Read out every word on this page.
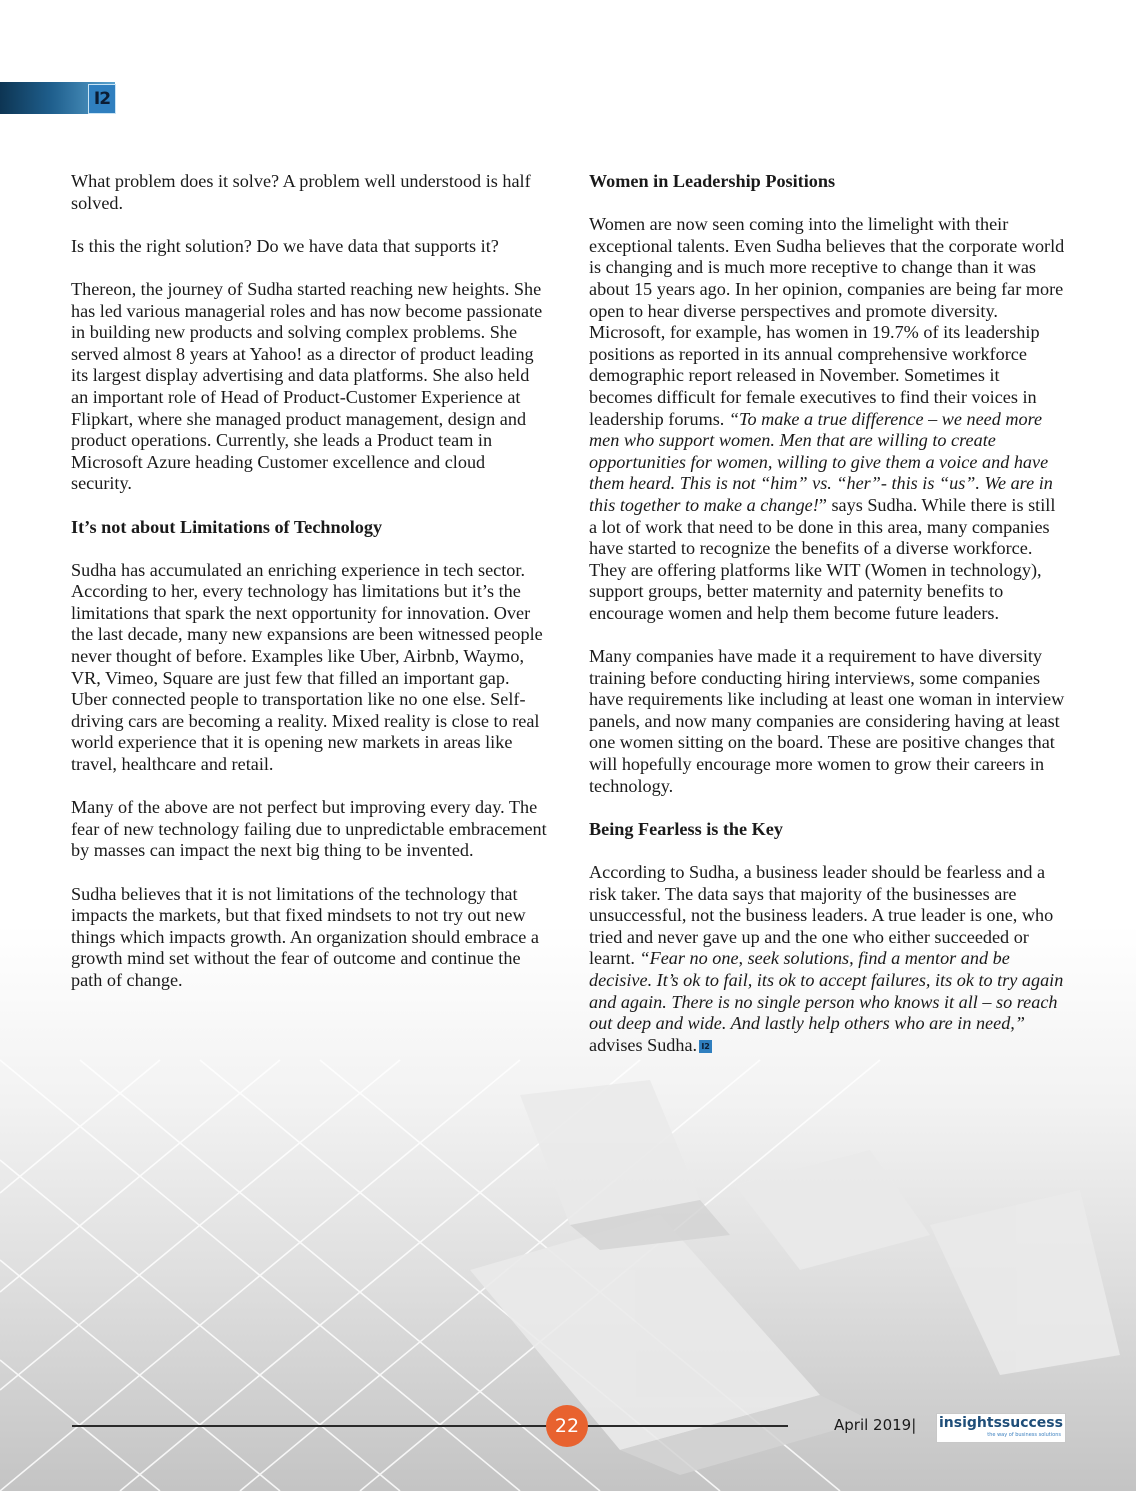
I2

What problem does it solve? A problem well understood is half solved.

Is this the right solution? Do we have data that supports it?

Thereon, the journey of Sudha started reaching new heights. She has led various managerial roles and has now become passionate in building new products and solving complex problems. She served almost 8 years at Yahoo! as a director of product leading its largest display advertising and data platforms. She also held an important role of Head of Product-Customer Experience at Flipkart, where she managed product management, design and product operations. Currently, she leads a Product team in Microsoft Azure heading Customer excellence and cloud security.

It’s not about Limitations of Technology

Sudha has accumulated an enriching experience in tech sector. According to her, every technology has limitations but it’s the limitations that spark the next opportunity for innovation. Over the last decade, many new expansions are been witnessed people never thought of before. Examples like Uber, Airbnb, Waymo, VR, Vimeo, Square are just few that filled an important gap. Uber connected people to transportation like no one else. Self-driving cars are becoming a reality. Mixed reality is close to real world experience that it is opening new markets in areas like travel, healthcare and retail.

Many of the above are not perfect but improving every day. The fear of new technology failing due to unpredictable embracement by masses can impact the next big thing to be invented.

Sudha believes that it is not limitations of the technology that impacts the markets, but that fixed mindsets to not try out new things which impacts growth. An organization should embrace a growth mind set without the fear of outcome and continue the path of change.

Women in Leadership Positions

Women are now seen coming into the limelight with their exceptional talents. Even Sudha believes that the corporate world is changing and is much more receptive to change than it was about 15 years ago. In her opinion, companies are being far more open to hear diverse perspectives and promote diversity. Microsoft, for example, has women in 19.7% of its leadership positions as reported in its annual comprehensive workforce demographic report released in November. Sometimes it becomes difficult for female executives to find their voices in leadership forums. “To make a true difference – we need more men who support women. Men that are willing to create opportunities for women, willing to give them a voice and have them heard. This is not “him” vs. “her”- this is “us”. We are in this together to make a change!” says Sudha. While there is still a lot of work that need to be done in this area, many companies have started to recognize the benefits of a diverse workforce. They are offering platforms like WIT (Women in technology), support groups, better maternity and paternity benefits to encourage women and help them become future leaders.

Many companies have made it a requirement to have diversity training before conducting hiring interviews, some companies have requirements like including at least one woman in interview panels, and now many companies are considering having at least one women sitting on the board. These are positive changes that will hopefully encourage more women to grow their careers in technology.

Being Fearless is the Key

According to Sudha, a business leader should be fearless and a risk taker. The data says that majority of the businesses are unsuccessful, not the business leaders. A true leader is one, who tried and never gave up and the one who either succeeded or learnt. “Fear no one, seek solutions, find a mentor and be decisive. It’s ok to fail, its ok to accept failures, its ok to try again and again. There is no single person who knows it all – so reach out deep and wide. And lastly help others who are in need,” advises Sudha. I2

22	April 2019| insightssuccess
the way of business solutions
